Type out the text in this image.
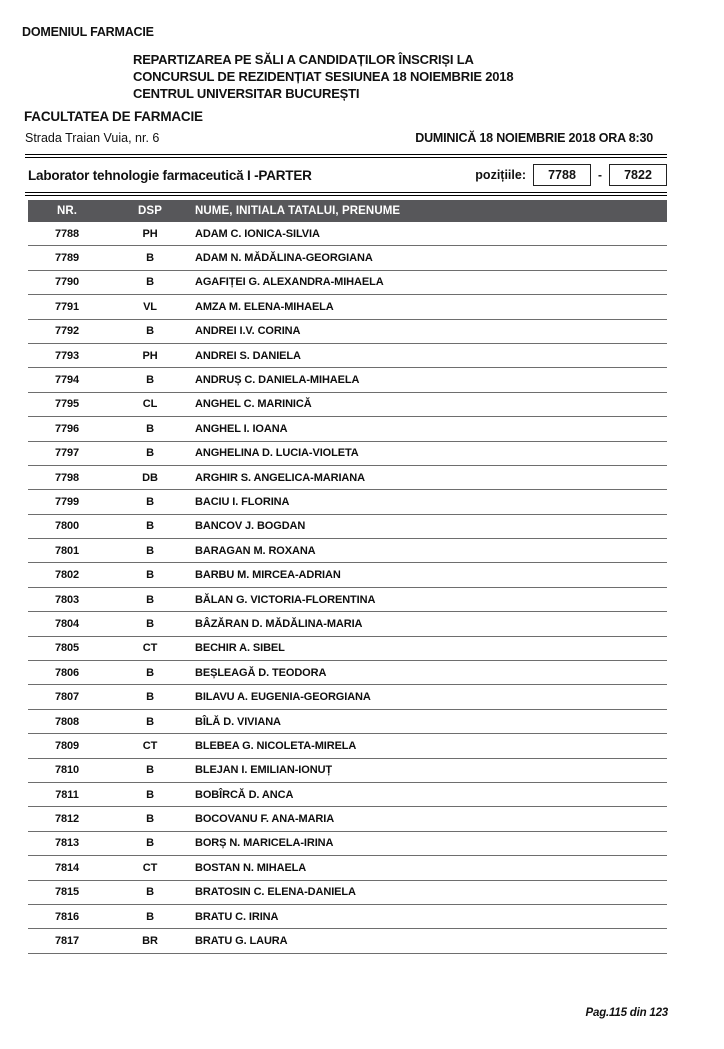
DOMENIUL FARMACIE
REPARTIZAREA PE SĂLI A CANDIDAȚILOR ÎNSCRIȘI LA
CONCURSUL DE REZIDENȚIAT SESIUNEA 18 NOIEMBRIE 2018
CENTRUL UNIVERSITAR BUCUREȘTI
FACULTATEA DE FARMACIE
Strada Traian Vuia, nr. 6	DUMINICĂ 18 NOIEMBRIE 2018 ORA 8:30
Laborator tehnologie farmaceutică I -PARTER	pozițiile:	7788	-	7822
NR.	DSP	NUME, INITIALA TATALUI, PRENUME
7788	PH	ADAM C. IONICA-SILVIA
7789	B	ADAM N. MĂDĂLINA-GEORGIANA
7790	B	AGAFIȚEI G. ALEXANDRA-MIHAELA
7791	VL	AMZA M. ELENA-MIHAELA
7792	B	ANDREI I.V. CORINA
7793	PH	ANDREI S. DANIELA
7794	B	ANDRUȘ C. DANIELA-MIHAELA
7795	CL	ANGHEL C. MARINICĂ
7796	B	ANGHEL I. IOANA
7797	B	ANGHELINA D. LUCIA-VIOLETA
7798	DB	ARGHIR S. ANGELICA-MARIANA
7799	B	BACIU I. FLORINA
7800	B	BANCOV J. BOGDAN
7801	B	BARAGAN M. ROXANA
7802	B	BARBU M. MIRCEA-ADRIAN
7803	B	BĂLAN G. VICTORIA-FLORENTINA
7804	B	BÂZĂRAN D. MĂDĂLINA-MARIA
7805	CT	BECHIR A. SIBEL
7806	B	BEȘLEAGĂ D. TEODORA
7807	B	BILAVU A. EUGENIA-GEORGIANA
7808	B	BÎLĂ D. VIVIANA
7809	CT	BLEBEA G. NICOLETA-MIRELA
7810	B	BLEJAN I. EMILIAN-IONUȚ
7811	B	BOBÎRCĂ D. ANCA
7812	B	BOCOVANU F. ANA-MARIA
7813	B	BORȘ N. MARICELA-IRINA
7814	CT	BOSTAN N. MIHAELA
7815	B	BRATOSIN C. ELENA-DANIELA
7816	B	BRATU C. IRINA
7817	BR	BRATU G. LAURA
Pag.115 din 123
